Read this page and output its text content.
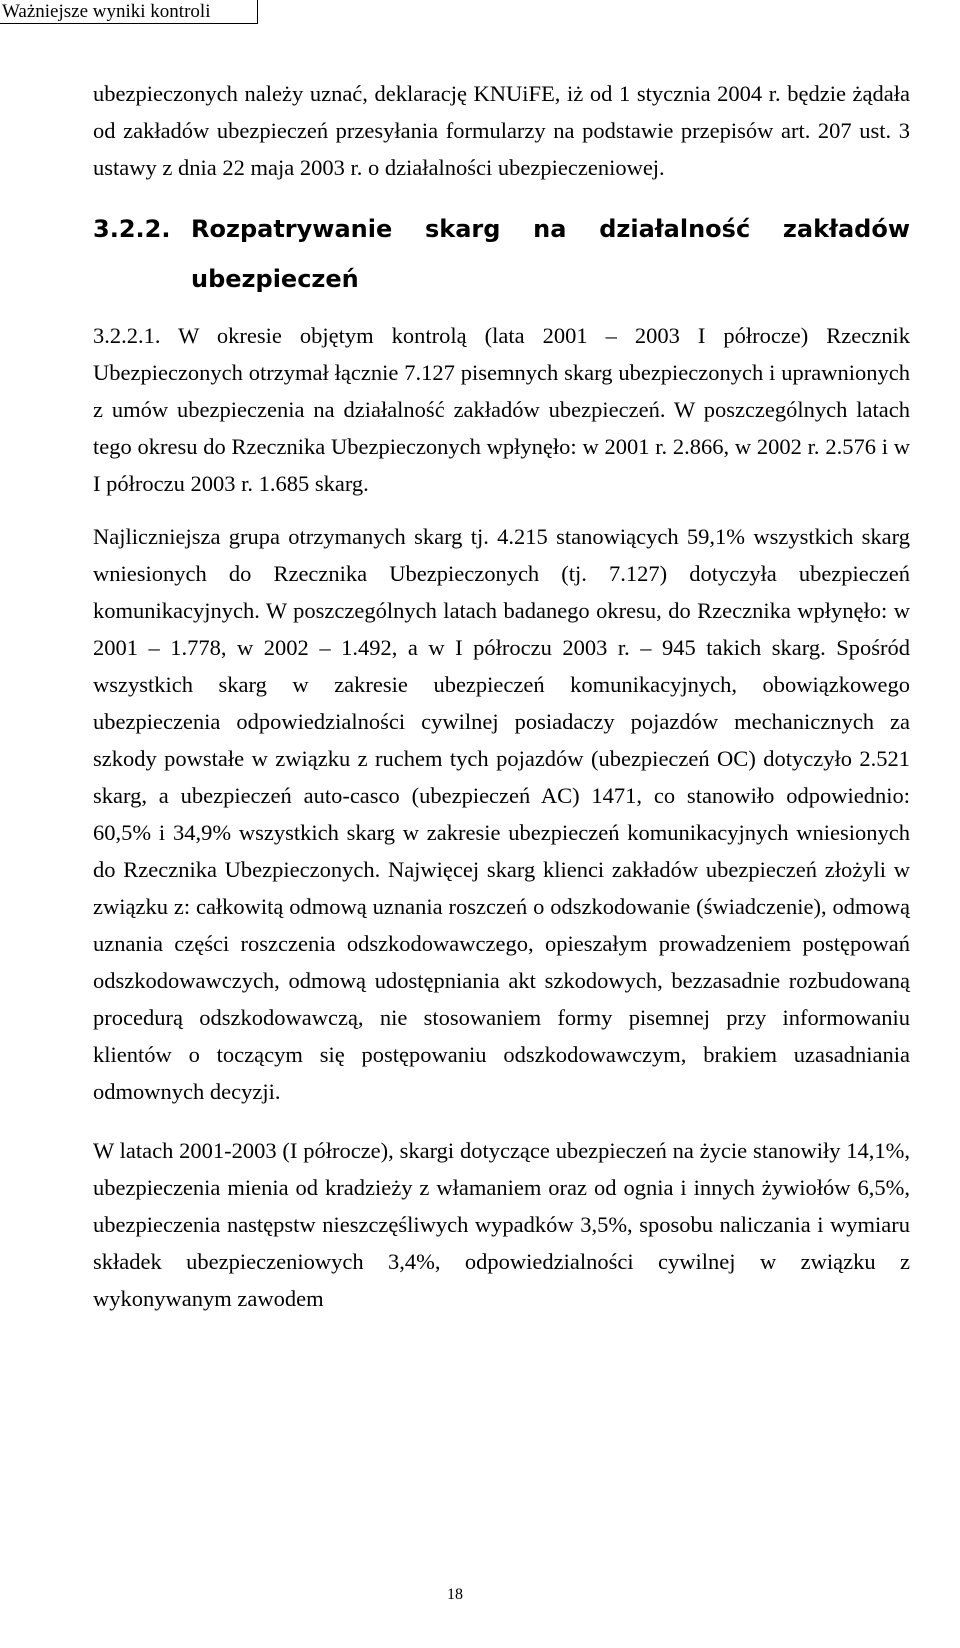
Ważniejsze wyniki kontroli

ubezpieczonych należy uznać, deklarację KNUiFE, iż od 1 stycznia 2004 r. będzie żądała od zakładów ubezpieczeń przesyłania formularzy na podstawie przepisów art. 207 ust. 3 ustawy z dnia 22 maja 2003 r. o działalności ubezpieczeniowej.

3.2.2. Rozpatrywanie skarg na działalność zakładów ubezpieczeń

3.2.2.1. W okresie objętym kontrolą (lata 2001 – 2003 I półrocze) Rzecznik Ubezpieczonych otrzymał łącznie 7.127 pisemnych skarg ubezpieczonych i uprawnionych z umów ubezpieczenia na działalność zakładów ubezpieczeń. W poszczególnych latach tego okresu do Rzecznika Ubezpieczonych wpłynęło: w 2001 r. 2.866, w 2002 r. 2.576 i w I półroczu 2003 r. 1.685 skarg.

Najliczniejsza grupa otrzymanych skarg tj. 4.215 stanowiących 59,1% wszystkich skarg wniesionych do Rzecznika Ubezpieczonych (tj. 7.127) dotyczyła ubezpieczeń komunikacyjnych. W poszczególnych latach badanego okresu, do Rzecznika wpłynęło: w 2001 – 1.778, w 2002 – 1.492, a w I półroczu 2003 r. – 945 takich skarg. Spośród wszystkich skarg w zakresie ubezpieczeń komunikacyjnych, obowiązkowego ubezpieczenia odpowiedzialności cywilnej posiadaczy pojazdów mechanicznych za szkody powstałe w związku z ruchem tych pojazdów (ubezpieczeń OC) dotyczyło 2.521 skarg, a ubezpieczeń auto-casco (ubezpieczeń AC) 1471, co stanowiło odpowiednio: 60,5% i 34,9% wszystkich skarg w zakresie ubezpieczeń komunikacyjnych wniesionych do Rzecznika Ubezpieczonych. Najwięcej skarg klienci zakładów ubezpieczeń złożyli w związku z: całkowitą odmową uznania roszczeń o odszkodowanie (świadczenie), odmową uznania części roszczenia odszkodowawczego, opieszałym prowadzeniem postępowań odszkodowawczych, odmową udostępniania akt szkodowych, bezzasadnie rozbudowaną procedurą odszkodowawczą, nie stosowaniem formy pisemnej przy informowaniu klientów o toczącym się postępowaniu odszkodowawczym, brakiem uzasadniania odmownych decyzji.

W latach 2001-2003 (I półrocze), skargi dotyczące ubezpieczeń na życie stanowiły 14,1%, ubezpieczenia mienia od kradzieży z włamaniem oraz od ognia i innych żywiołów 6,5%, ubezpieczenia następstw nieszczęśliwych wypadków 3,5%, sposobu naliczania i wymiaru składek ubezpieczeniowych 3,4%, odpowiedzialności cywilnej w związku z wykonywanym zawodem

18
